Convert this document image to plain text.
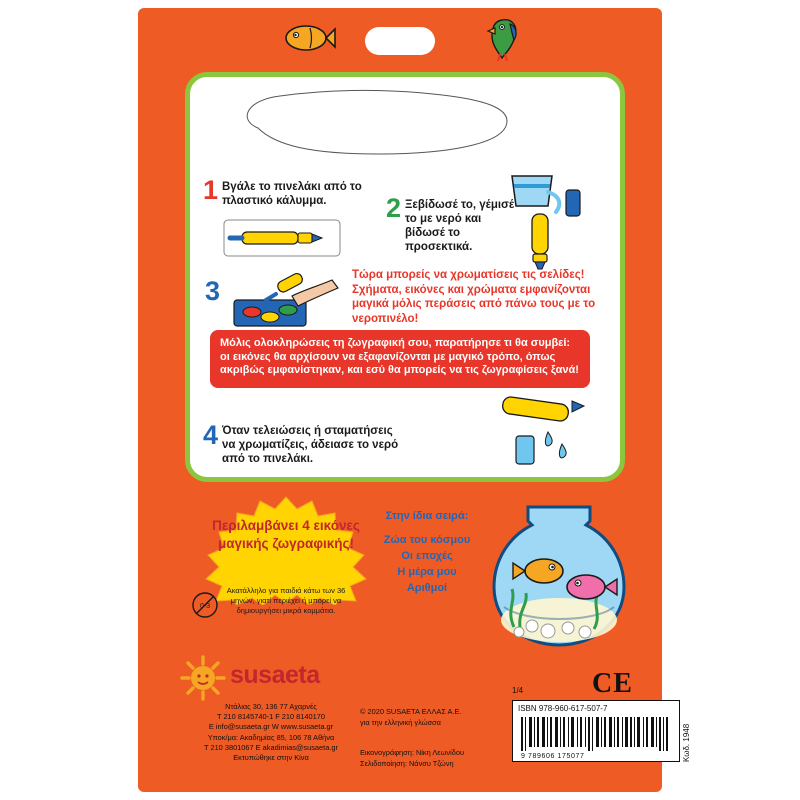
1 Βγάλε το πινελάκι από το πλαστικό κάλυμμα.	2 Ξεβίδωσέ το, γέμισέ το με νερό και βίδωσέ το προσεκτικά.
3
Τώρα μπορείς να χρωματίσεις τις σελίδες! Σχήματα, εικόνες και χρώματα εμφανίζονται μαγικά μόλις περάσεις από πάνω τους με το νεροπινέλο!

Μόλις ολοκληρώσεις τη ζωγραφική σου, παρατήρησε τι θα συμβεί: οι εικόνες θα αρχίσουν να εξαφανίζονται με μαγικό τρόπο, όπως ακριβώς εμφανίστηκαν, και εσύ θα μπορείς να τις ζωγραφίσεις ξανά!

4 Όταν τελειώσεις ή σταματήσεις να χρωματίζεις, άδειασε το νερό από το πινελάκι.
Περιλαμβάνει 4 εικόνες μαγικής ζωγραφικής!
Στην ίδια σειρά:
Ζώα του κόσμου
Οι εποχές
Η μέρα μου
Αριθμοί
0-3
Ακατάλληλο για παιδιά κάτω των 36 μηνών, γιατί περιέχει ή μπορεί να δημιουργήσει μικρά κομμάτια.
susaeta
Ντάλιας 30, 136 77 Αχαρνές
T 210 8145740-1 F 210 8140170
E info@susaeta.gr W www.susaeta.gr
Υποκ/μα: Ακαδημίας 85, 106 78 Αθήνα
T 210 3801067 E akadimias@susaeta.gr
Εκτυπώθηκε στην Κίνα
© 2020 SUSAETA ΕΛΛΑΣ Α.Ε.
για την ελληνική γλώσσα
Εικονογράφηση: Νίκη Λεωνίδου
Σελιδοποίηση: Νάνσυ Τζώνη
CE
1/4
ISBN 978-960-617-507-7
9 789606 175077	Κωδ. 1948
